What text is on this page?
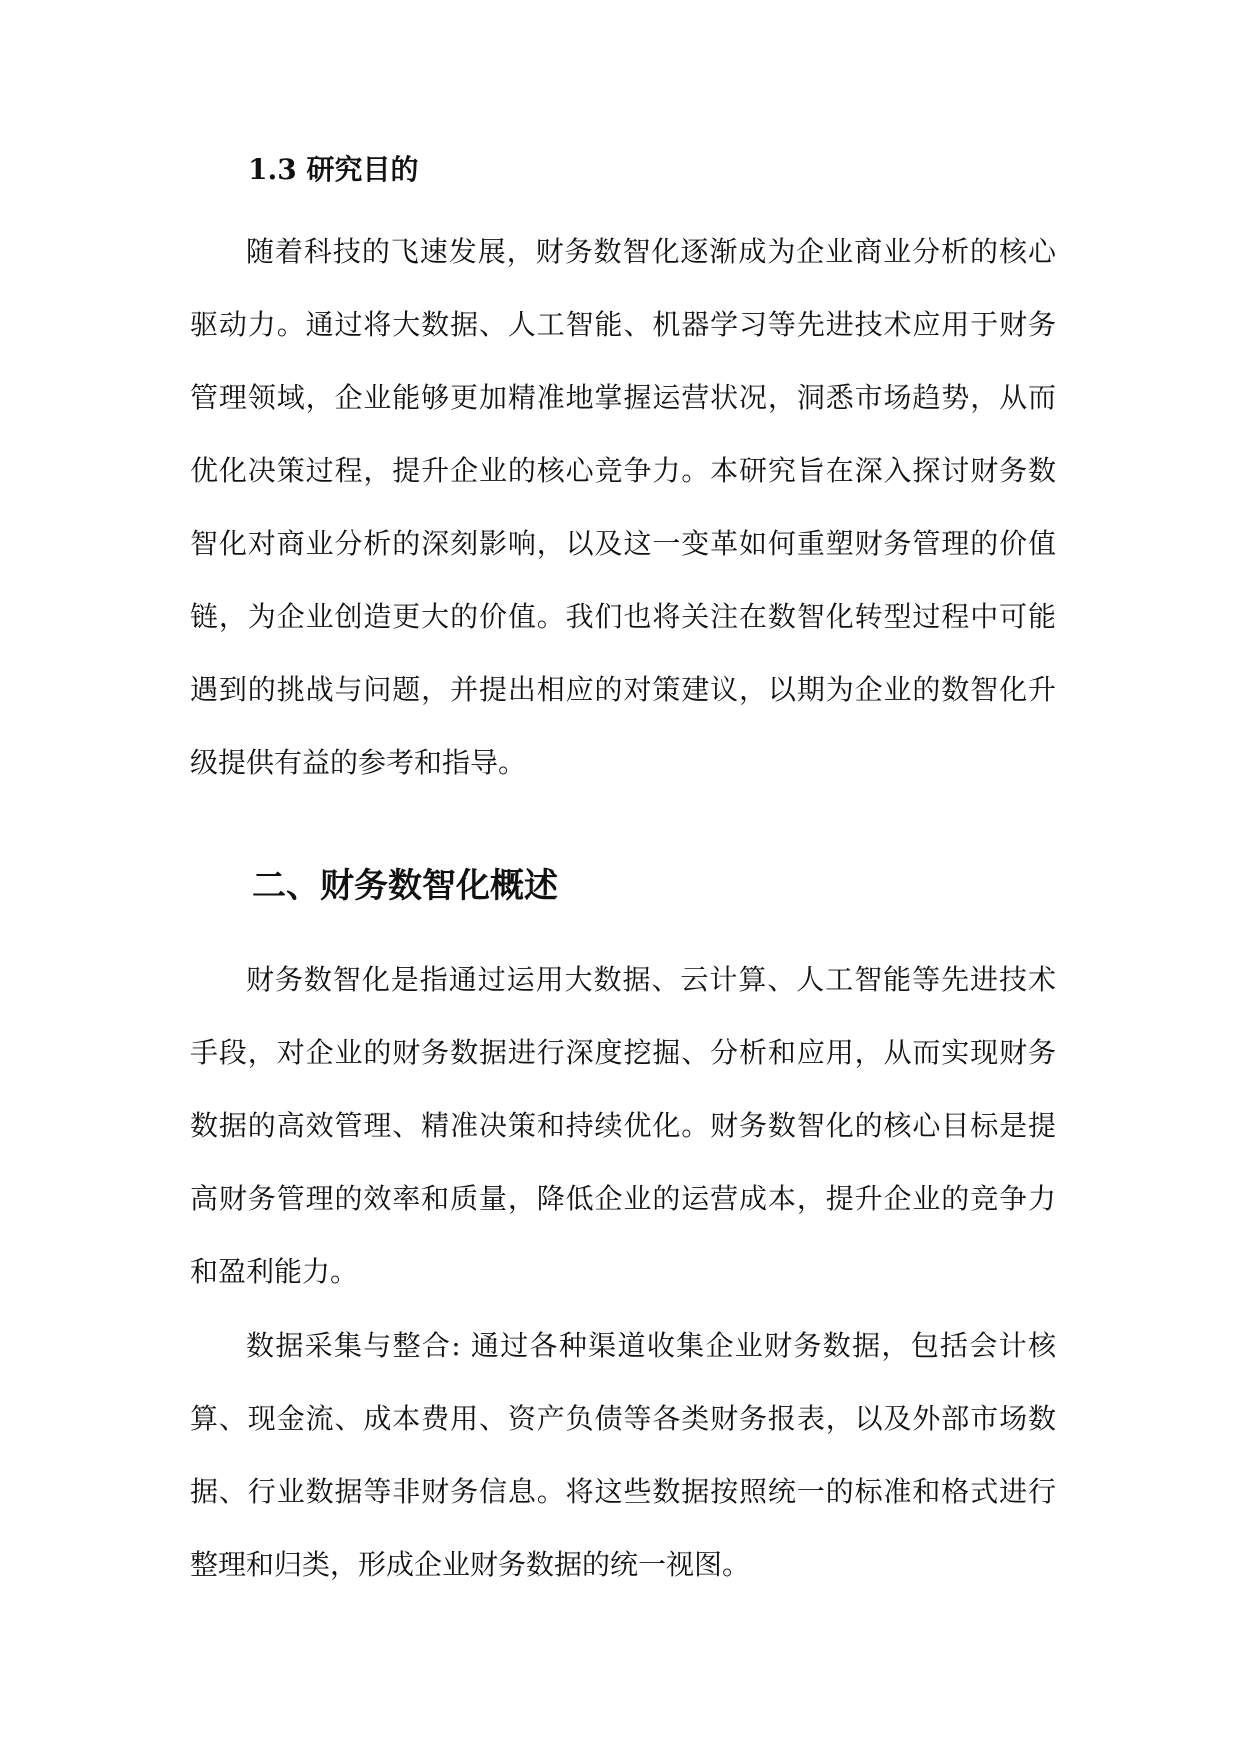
1.3 研究目的

随着科技的飞速发展，财务数智化逐渐成为企业商业分析的核心驱动力。通过将大数据、人工智能、机器学习等先进技术应用于财务管理领域，企业能够更加精准地掌握运营状况，洞悉市场趋势，从而优化决策过程，提升企业的核心竞争力。本研究旨在深入探讨财务数智化对商业分析的深刻影响，以及这一变革如何重塑财务管理的价值链，为企业创造更大的价值。我们也将关注在数智化转型过程中可能遇到的挑战与问题，并提出相应的对策建议，以期为企业的数智化升级提供有益的参考和指导。

二、财务数智化概述

财务数智化是指通过运用大数据、云计算、人工智能等先进技术手段，对企业的财务数据进行深度挖掘、分析和应用，从而实现财务数据的高效管理、精准决策和持续优化。财务数智化的核心目标是提高财务管理的效率和质量，降低企业的运营成本，提升企业的竞争力和盈利能力。

数据采集与整合: 通过各种渠道收集企业财务数据，包括会计核算、现金流、成本费用、资产负债等各类财务报表，以及外部市场数据、行业数据等非财务信息。将这些数据按照统一的标准和格式进行整理和归类，形成企业财务数据的统一视图。
